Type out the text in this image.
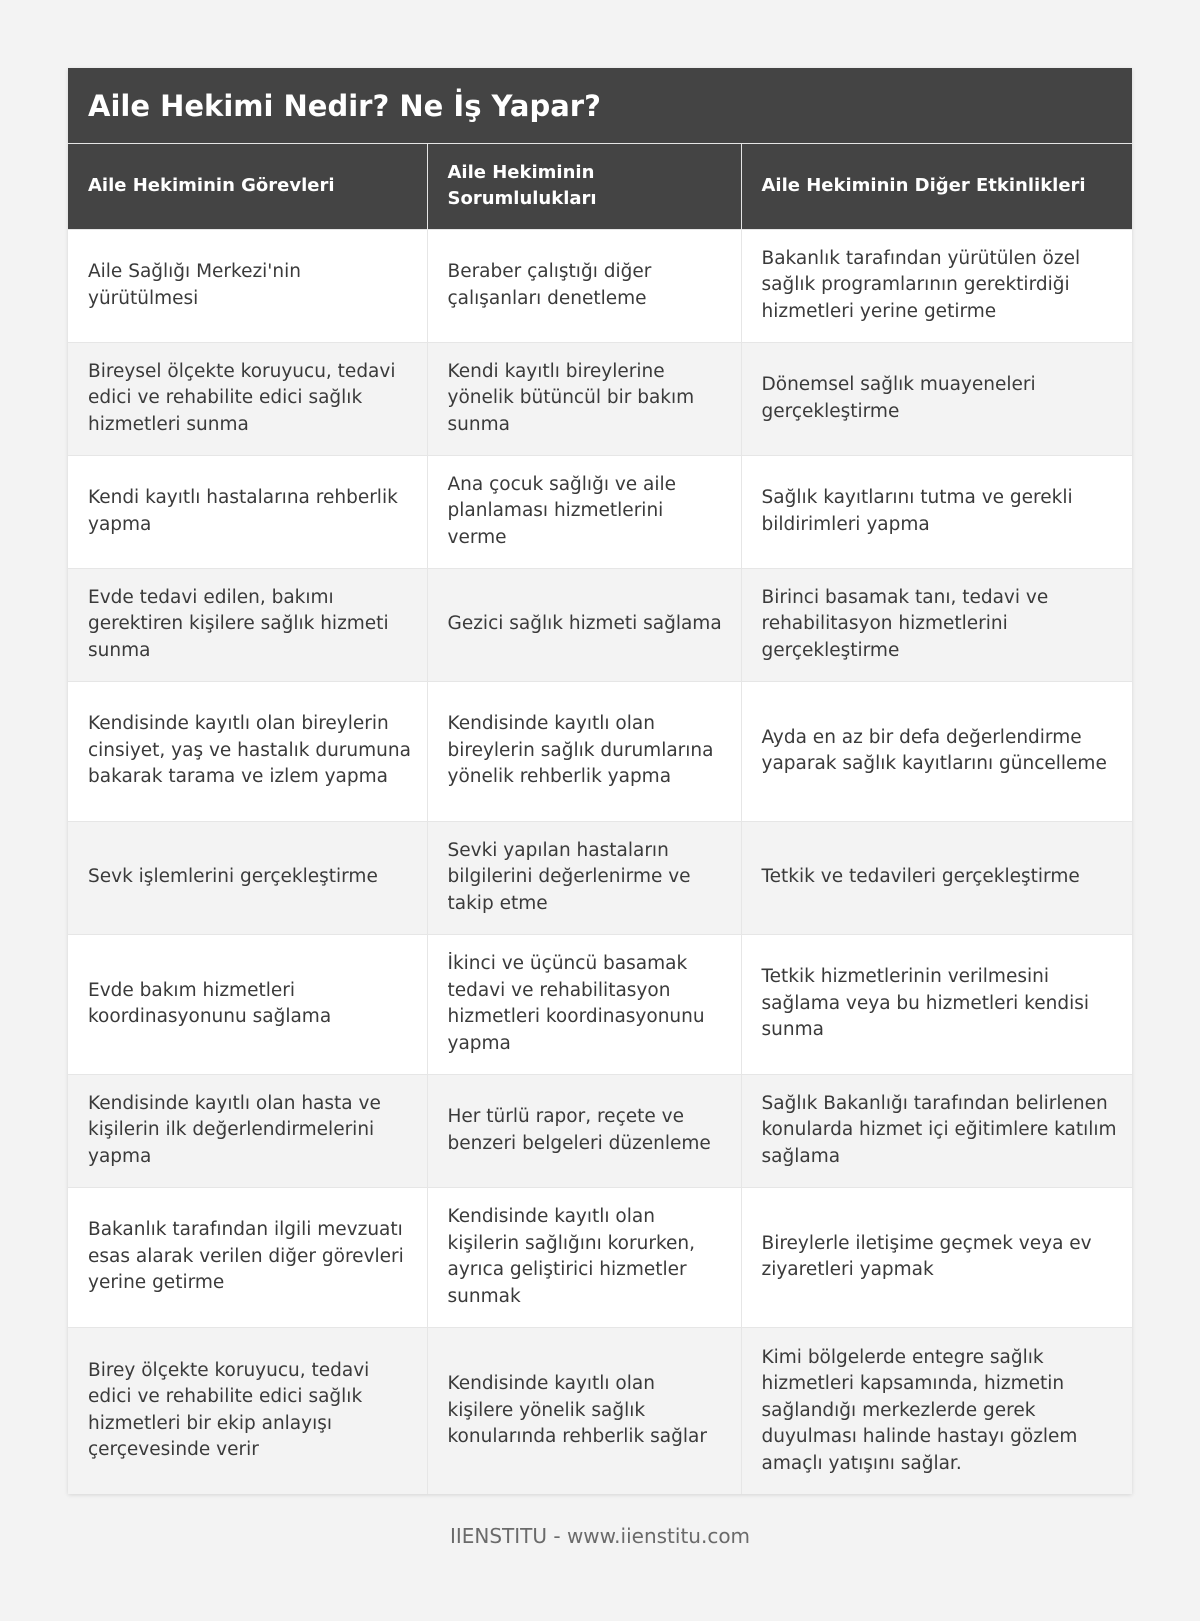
Aile Hekimi Nedir? Ne İş Yapar?
Aile Hekiminin Görevleri	Aile Hekiminin Sorumlulukları	Aile Hekiminin Diğer Etkinlikleri
Aile Sağlığı Merkezi'nin yürütülmesi	Beraber çalıştığı diğer çalışanları denetleme	Bakanlık tarafından yürütülen özel sağlık programlarının gerektirdiği hizmetleri yerine getirme
Bireysel ölçekte koruyucu, tedavi edici ve rehabilite edici sağlık hizmetleri sunma	Kendi kayıtlı bireylerine yönelik bütüncül bir bakım sunma	Dönemsel sağlık muayeneleri gerçekleştirme
Kendi kayıtlı hastalarına rehberlik yapma	Ana çocuk sağlığı ve aile planlaması hizmetlerini verme	Sağlık kayıtlarını tutma ve gerekli bildirimleri yapma
Evde tedavi edilen, bakımı gerektiren kişilere sağlık hizmeti sunma	Gezici sağlık hizmeti sağlama	Birinci basamak tanı, tedavi ve rehabilitasyon hizmetlerini gerçekleştirme
Kendisinde kayıtlı olan bireylerin cinsiyet, yaş ve hastalık durumuna bakarak tarama ve izlem yapma	Kendisinde kayıtlı olan bireylerin sağlık durumlarına yönelik rehberlik yapma	Ayda en az bir defa değerlendirme yaparak sağlık kayıtlarını güncelleme
Sevk işlemlerini gerçekleştirme	Sevki yapılan hastaların bilgilerini değerlenirme ve takip etme	Tetkik ve tedavileri gerçekleştirme
Evde bakım hizmetleri koordinasyonunu sağlama	İkinci ve üçüncü basamak tedavi ve rehabilitasyon hizmetleri koordinasyonunu yapma	Tetkik hizmetlerinin verilmesini sağlama veya bu hizmetleri kendisi sunma
Kendisinde kayıtlı olan hasta ve kişilerin ilk değerlendirmelerini yapma	Her türlü rapor, reçete ve benzeri belgeleri düzenleme	Sağlık Bakanlığı tarafından belirlenen konularda hizmet içi eğitimlere katılım sağlama
Bakanlık tarafından ilgili mevzuatı esas alarak verilen diğer görevleri yerine getirme	Kendisinde kayıtlı olan kişilerin sağlığını korurken, ayrıca geliştirici hizmetler sunmak	Bireylerle iletişime geçmek veya ev ziyaretleri yapmak
Birey ölçekte koruyucu, tedavi edici ve rehabilite edici sağlık hizmetleri bir ekip anlayışı çerçevesinde verir	Kendisinde kayıtlı olan kişilere yönelik sağlık konularında rehberlik sağlar	Kimi bölgelerde entegre sağlık hizmetleri kapsamında, hizmetin sağlandığı merkezlerde gerek duyulması halinde hastayı gözlem amaçlı yatışını sağlar.
IIENSTITU - www.iienstitu.com
